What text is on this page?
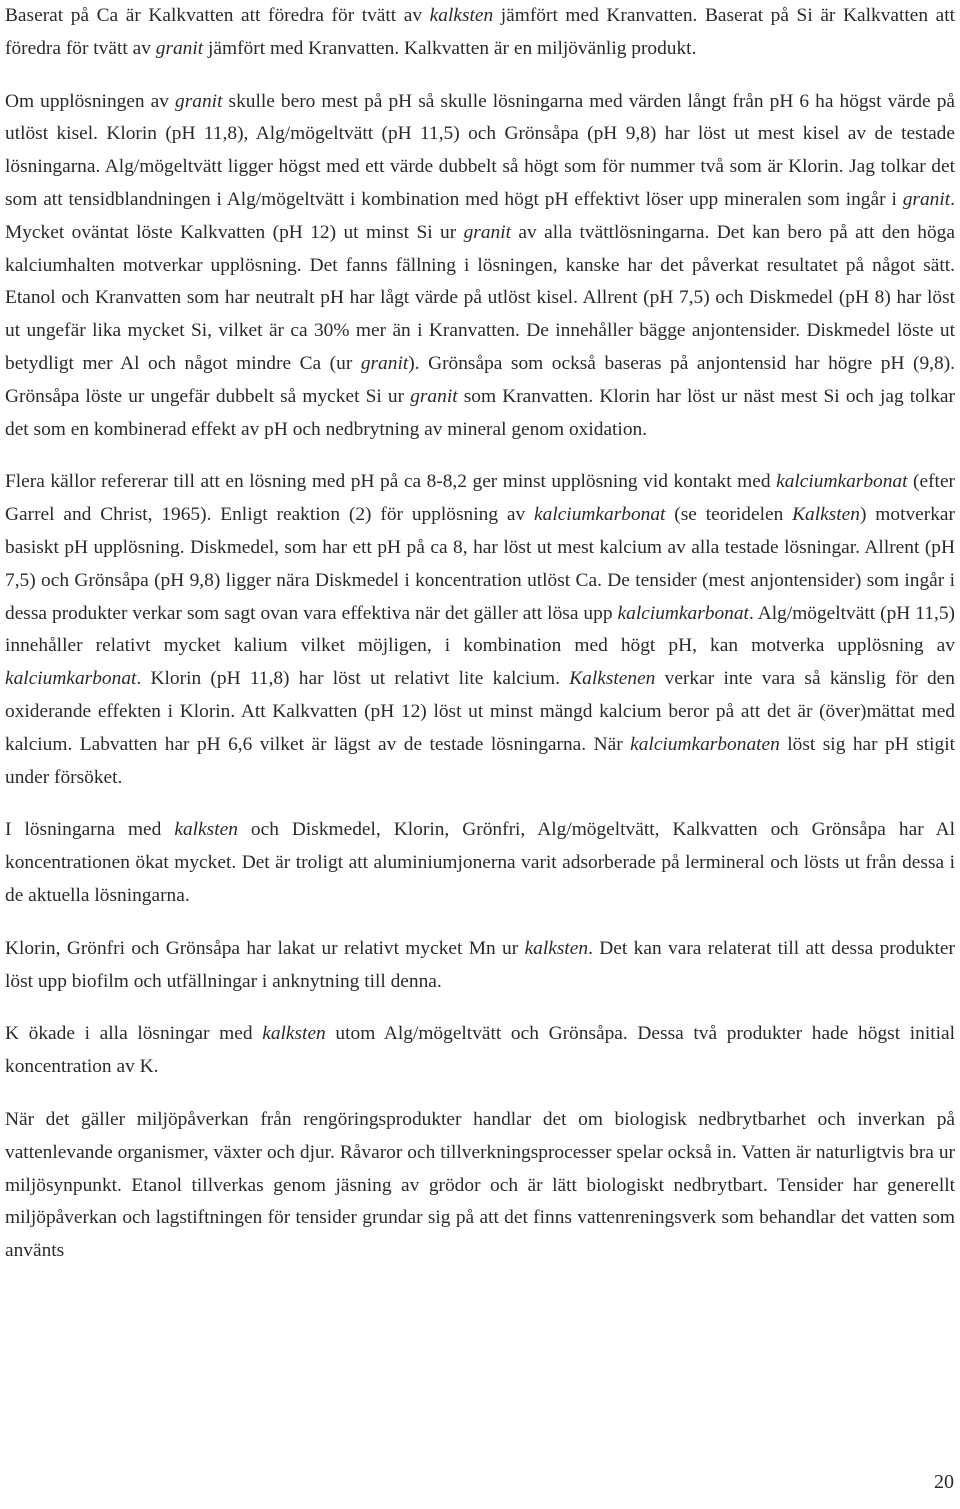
Baserat på Ca är Kalkvatten att föredra för tvätt av kalksten jämfört med Kranvatten. Baserat på Si är Kalkvatten att föredra för tvätt av granit jämfört med Kranvatten. Kalkvatten är en miljövänlig produkt.

Om upplösningen av granit skulle bero mest på pH så skulle lösningarna med värden långt från pH 6 ha högst värde på utlöst kisel. Klorin (pH 11,8), Alg/mögeltvätt (pH 11,5) och Grönsåpa (pH 9,8) har löst ut mest kisel av de testade lösningarna. Alg/mögeltvätt ligger högst med ett värde dubbelt så högt som för nummer två som är Klorin. Jag tolkar det som att tensidblandningen i Alg/mögeltvätt i kombination med högt pH effektivt löser upp mineralen som ingår i granit. Mycket oväntat löste Kalkvatten (pH 12) ut minst Si ur granit av alla tvättlösningarna. Det kan bero på att den höga kalciumhalten motverkar upplösning. Det fanns fällning i lösningen, kanske har det påverkat resultatet på något sätt. Etanol och Kranvatten som har neutralt pH har lågt värde på utlöst kisel. Allrent (pH 7,5) och Diskmedel (pH 8) har löst ut ungefär lika mycket Si, vilket är ca 30% mer än i Kranvatten. De innehåller bägge anjontensider. Diskmedel löste ut betydligt mer Al och något mindre Ca (ur granit). Grönsåpa som också baseras på anjontensid har högre pH (9,8). Grönsåpa löste ur ungefär dubbelt så mycket Si ur granit som Kranvatten. Klorin har löst ur näst mest Si och jag tolkar det som en kombinerad effekt av pH och nedbrytning av mineral genom oxidation.

Flera källor refererar till att en lösning med pH på ca 8-8,2 ger minst upplösning vid kontakt med kalciumkarbonat (efter Garrel and Christ, 1965). Enligt reaktion (2) för upplösning av kalciumkarbonat (se teoridelen Kalksten) motverkar basiskt pH upplösning. Diskmedel, som har ett pH på ca 8, har löst ut mest kalcium av alla testade lösningar. Allrent (pH 7,5) och Grönsåpa (pH 9,8) ligger nära Diskmedel i koncentration utlöst Ca. De tensider (mest anjontensider) som ingår i dessa produkter verkar som sagt ovan vara effektiva när det gäller att lösa upp kalciumkarbonat. Alg/mögeltvätt (pH 11,5) innehåller relativt mycket kalium vilket möjligen, i kombination med högt pH, kan motverka upplösning av kalciumkarbonat. Klorin (pH 11,8) har löst ut relativt lite kalcium. Kalkstenen verkar inte vara så känslig för den oxiderande effekten i Klorin. Att Kalkvatten (pH 12) löst ut minst mängd kalcium beror på att det är (över)mättat med kalcium. Labvatten har pH 6,6 vilket är lägst av de testade lösningarna. När kalciumkarbonaten löst sig har pH stigit under försöket.

I lösningarna med kalksten och Diskmedel, Klorin, Grönfri, Alg/mögeltvätt, Kalkvatten och Grönsåpa har Al koncentrationen ökat mycket. Det är troligt att aluminiumjonerna varit adsorberade på lermineral och lösts ut från dessa i de aktuella lösningarna.

Klorin, Grönfri och Grönsåpa har lakat ur relativt mycket Mn ur kalksten. Det kan vara relaterat till att dessa produkter löst upp biofilm och utfällningar i anknytning till denna.

K ökade i alla lösningar med kalksten utom Alg/mögeltvätt och Grönsåpa. Dessa två produkter hade högst initial koncentration av K.

När det gäller miljöpåverkan från rengöringsprodukter handlar det om biologisk nedbrytbarhet och inverkan på vattenlevande organismer, växter och djur. Råvaror och tillverkningsprocesser spelar också in. Vatten är naturligtvis bra ur miljösynpunkt. Etanol tillverkas genom jäsning av grödor och är lätt biologiskt nedbrytbart. Tensider har generellt miljöpåverkan och lagstiftningen för tensider grundar sig på att det finns vattenreningsverk som behandlar det vatten som använts

20
